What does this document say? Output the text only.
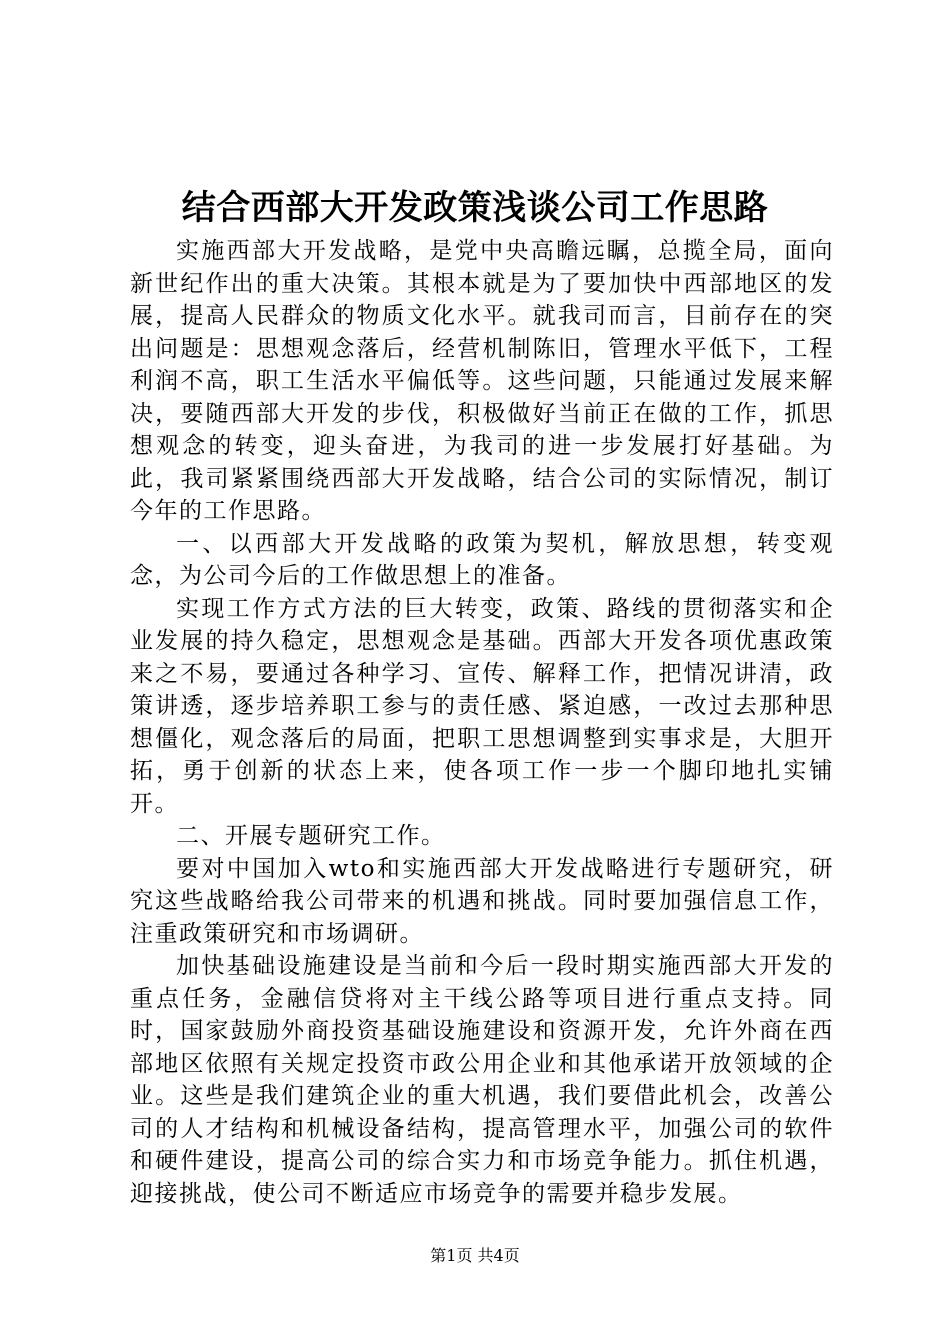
结合西部大开发政策浅谈公司工作思路

实施西部大开发战略，是党中央高瞻远瞩，总揽全局，面向新世纪作出的重大决策。其根本就是为了要加快中西部地区的发展，提高人民群众的物质文化水平。就我司而言，目前存在的突出问题是：思想观念落后，经营机制陈旧，管理水平低下，工程利润不高，职工生活水平偏低等。这些问题，只能通过发展来解决，要随西部大开发的步伐，积极做好当前正在做的工作，抓思想观念的转变，迎头奋进，为我司的进一步发展打好基础。为此，我司紧紧围绕西部大开发战略，结合公司的实际情况，制订今年的工作思路。

一、以西部大开发战略的政策为契机，解放思想，转变观念，为公司今后的工作做思想上的准备。

实现工作方式方法的巨大转变，政策、路线的贯彻落实和企业发展的持久稳定，思想观念是基础。西部大开发各项优惠政策来之不易，要通过各种学习、宣传、解释工作，把情况讲清，政策讲透，逐步培养职工参与的责任感、紧迫感，一改过去那种思想僵化，观念落后的局面，把职工思想调整到实事求是，大胆开拓，勇于创新的状态上来，使各项工作一步一个脚印地扎实铺开。

二、开展专题研究工作。

要对中国加入wto和实施西部大开发战略进行专题研究，研究这些战略给我公司带来的机遇和挑战。同时要加强信息工作，注重政策研究和市场调研。

加快基础设施建设是当前和今后一段时期实施西部大开发的重点任务，金融信贷将对主干线公路等项目进行重点支持。同时，国家鼓励外商投资基础设施建设和资源开发，允许外商在西部地区依照有关规定投资市政公用企业和其他承诺开放领域的企业。这些是我们建筑企业的重大机遇，我们要借此机会，改善公司的人才结构和机械设备结构，提高管理水平，加强公司的软件和硬件建设，提高公司的综合实力和市场竞争能力。抓住机遇，迎接挑战，使公司不断适应市场竞争的需要并稳步发展。

第1页 共4页
